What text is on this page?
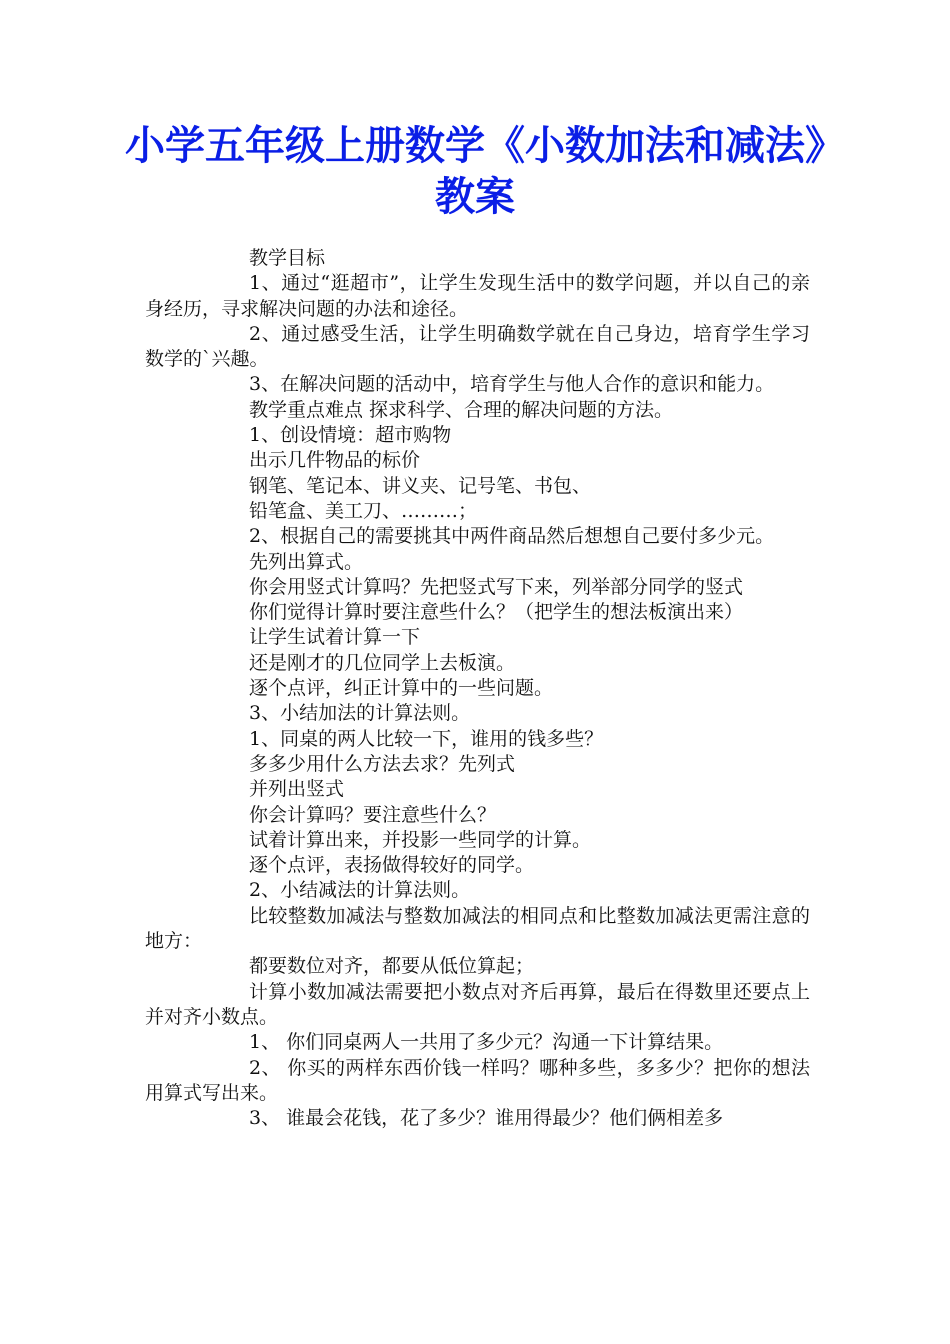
小学五年级上册数学《小数加法和减法》教案

教学目标

1、通过“逛超市”，让学生发现生活中的数学问题，并以自己的亲身经历，寻求解决问题的办法和途径。

2、通过感受生活，让学生明确数学就在自己身边，培育学生学习数学的`兴趣。

3、在解决问题的活动中，培育学生与他人合作的意识和能力。

教学重点难点 探求科学、合理的解决问题的方法。

1、创设情境：超市购物

出示几件物品的标价

钢笔、笔记本、讲义夹、记号笔、书包、

铅笔盒、美工刀、………；

2、根据自己的需要挑其中两件商品然后想想自己要付多少元。

先列出算式。

你会用竖式计算吗？先把竖式写下来，列举部分同学的竖式

你们觉得计算时要注意些什么？（把学生的想法板演出来）

让学生试着计算一下

还是刚才的几位同学上去板演。

逐个点评，纠正计算中的一些问题。

3、小结加法的计算法则。

1、同桌的两人比较一下，谁用的钱多些？

多多少用什么方法去求？先列式

并列出竖式

你会计算吗？要注意些什么？

试着计算出来，并投影一些同学的计算。

逐个点评，表扬做得较好的同学。

2、小结减法的计算法则。

比较整数加减法与整数加减法的相同点和比整数加减法更需注意的地方：

都要数位对齐，都要从低位算起；

计算小数加减法需要把小数点对齐后再算，最后在得数里还要点上并对齐小数点。

1、 你们同桌两人一共用了多少元？沟通一下计算结果。

2、 你买的两样东西价钱一样吗？哪种多些，多多少？把你的想法用算式写出来。

3、 谁最会花钱，花了多少？谁用得最少？他们俩相差多
